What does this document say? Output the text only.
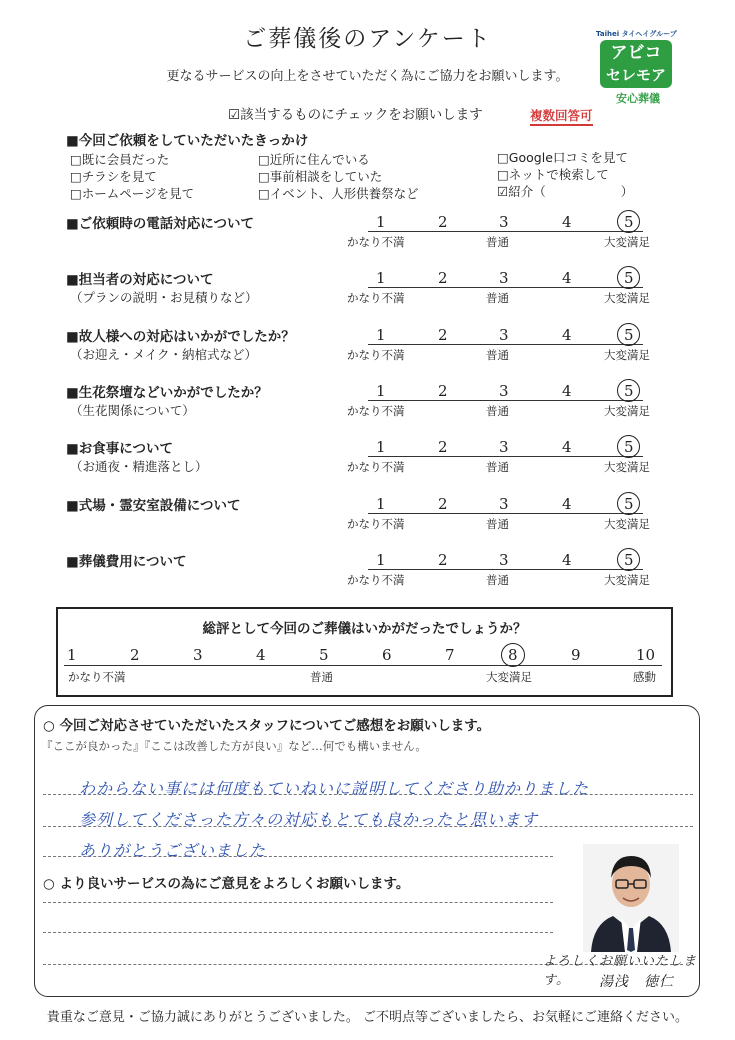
ご葬儀後のアンケート
更なるサービスの向上をさせていただく為にご協力をお願いします。
☑該当するものにチェックをお願いします	複数回答可
Taihei タイヘイグループ
アビコ
セレモア
安心葬儀
■今回ご依頼をしていただいたきっかけ
□既に会員だった	□近所に住んでいる	□Google口コミを見て
□チラシを見て	□事前相談をしていた	□ネットで検索して
□ホームページを見て	□イベント、人形供養祭など	☑紹介（　　　　　　）
■ご依頼時の電話対応について	1	2	3	4	5
かなり不満	普通	大変満足
■担当者の対応について
（プランの説明・お見積りなど）
1	2	3	4	5
かなり不満	普通	大変満足
■故人様への対応はいかがでしたか？
（お迎え・メイク・納棺式など）
1	2	3	4	5
かなり不満	普通	大変満足
■生花祭壇などいかがでしたか？
（生花関係について）
1	2	3	4	5
かなり不満	普通	大変満足
■お食事について
（お通夜・精進落とし）
1	2	3	4	5
かなり不満	普通	大変満足
■式場・霊安室設備について	1	2	3	4	5
かなり不満	普通	大変満足
■葬儀費用について	1	2	3	4	5
かなり不満	普通	大変満足
総評として今回のご葬儀はいかがだったでしょうか？
1	2	3	4	5	6	7	8	9	10
かなり不満	普通	大変満足	感動
○ 今回ご対応させていただいたスタッフについてご感想をお願いします。
『ここが良かった』『ここは改善した方が良い』など…何でも構いません。
わからない事には何度もていねいに説明してくださり助かりました
参列してくださった方々の対応もとても良かったと思います
ありがとうございました
○ より良いサービスの為にご意見をよろしくお願いします。
よろしくお願いいたします。	湯浅　徳仁
貴重なご意見・ご協力誠にありがとうございました。 ご不明点等ございましたら、お気軽にご連絡ください。
